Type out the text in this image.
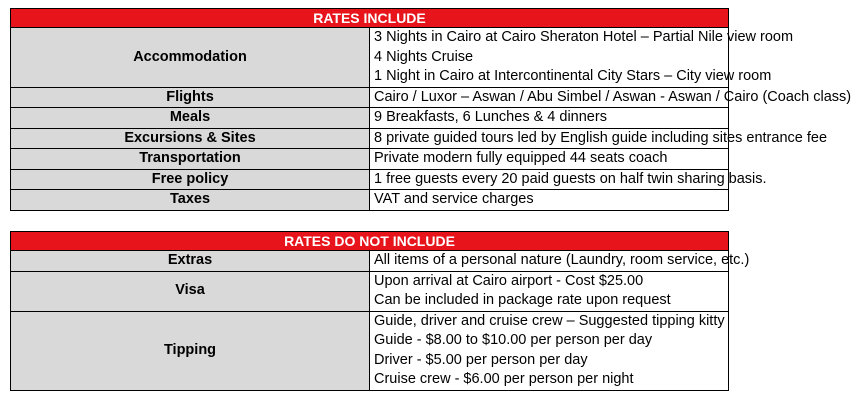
RATES INCLUDE	
Accommodation	3 Nights in Cairo at Cairo Sheraton Hotel – Partial Nile view room
4 Nights Cruise
1 Night in Cairo at Intercontinental City Stars – City view room

Flights	Cairo / Luxor – Aswan / Abu Simbel / Aswan - Aswan / Cairo (Coach class)
Meals	9 Breakfasts, 6 Lunches & 4 dinners
Excursions & Sites	8 private guided tours led by English guide including sites entrance fee
Transportation	Private modern fully equipped 44 seats coach
Free policy	1 free guests every 20 paid guests on half twin sharing basis.
Taxes	VAT and service charges
RATES DO NOT INCLUDE	
Extras	All items of a personal nature (Laundry, room service, etc.)
Visa	Upon arrival at Cairo airport - Cost $25.00
Can be included in package rate upon request

Tipping	Guide, driver and cruise crew – Suggested tipping kitty
Guide - $8.00 to $10.00 per person per day
Driver - $5.00 per person per day
Cruise crew - $6.00 per person per night
